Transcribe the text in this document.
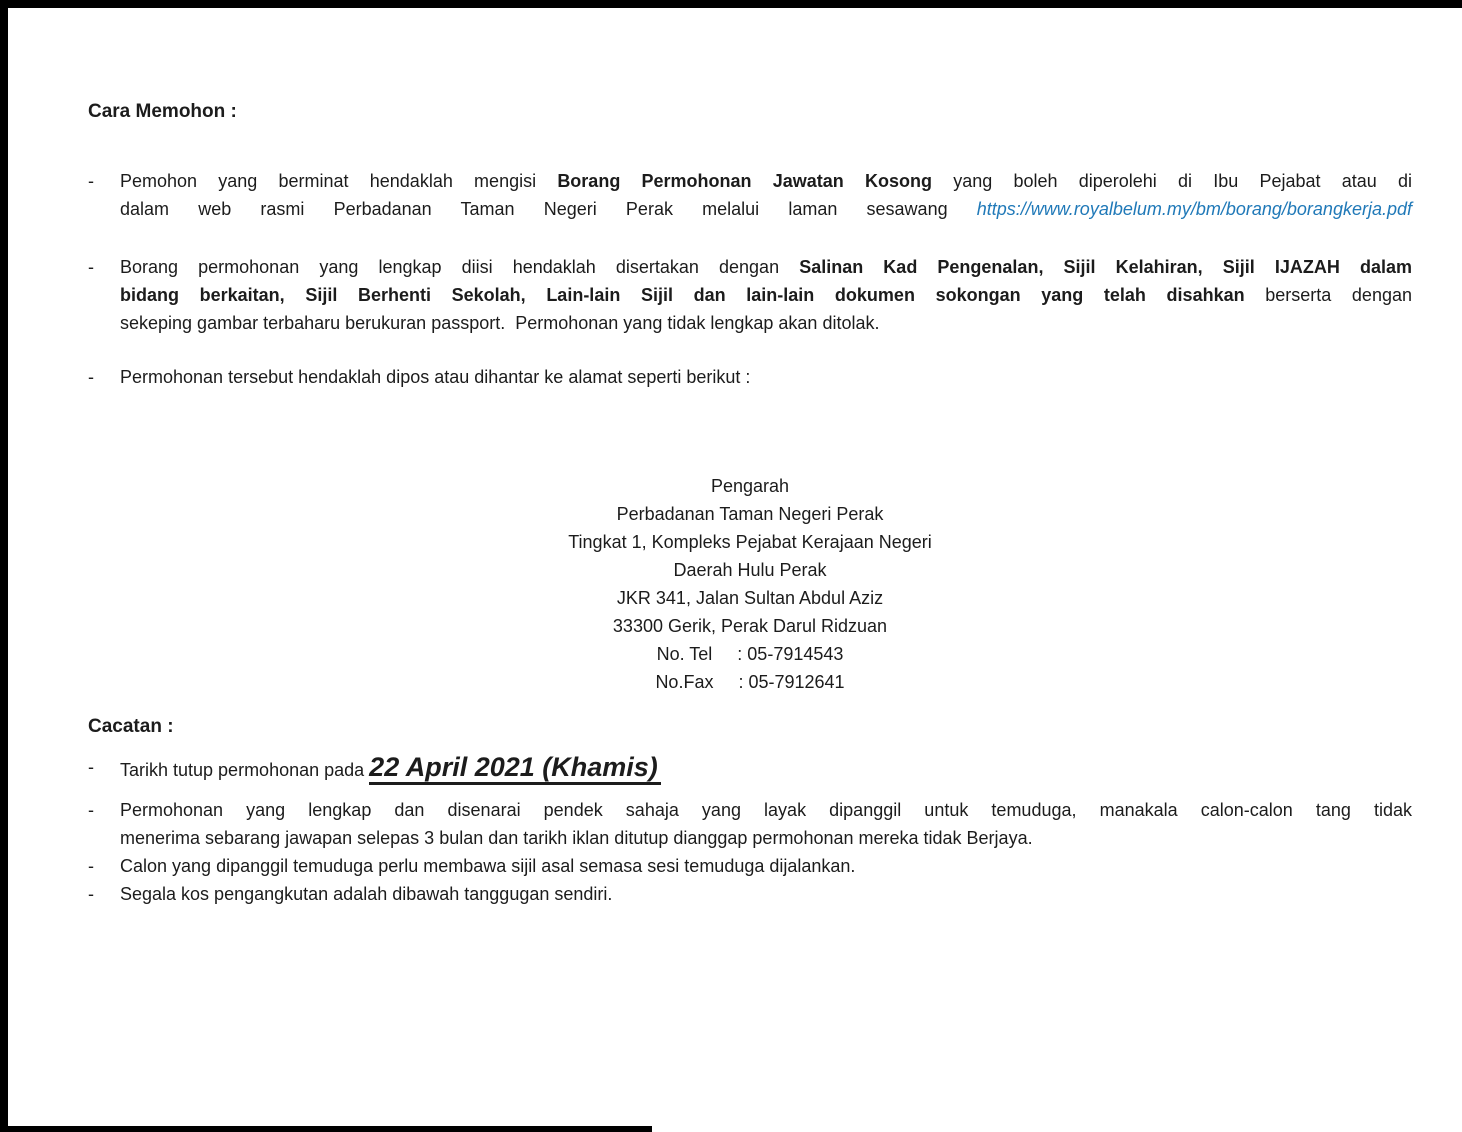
Cara Memohon :
-	Pemohon yang berminat hendaklah mengisi Borang Permohonan Jawatan Kosong yang boleh diperolehi di Ibu Pejabat atau di
dalam web rasmi Perbadanan Taman Negeri Perak melalui laman sesawang https://www.royalbelum.my/bm/borang/borangkerja.pdf
-	Borang permohonan yang lengkap diisi hendaklah disertakan dengan Salinan Kad Pengenalan, Sijil Kelahiran, Sijil IJAZAH dalam
bidang berkaitan, Sijil Berhenti Sekolah, Lain-lain Sijil dan lain-lain dokumen sokongan yang telah disahkan berserta dengan
sekeping gambar terbaharu berukuran passport.  Permohonan yang tidak lengkap akan ditolak.
-	Permohonan tersebut hendaklah dipos atau dihantar ke alamat seperti berikut :
Pengarah
Perbadanan Taman Negeri Perak
Tingkat 1, Kompleks Pejabat Kerajaan Negeri
Daerah Hulu Perak
JKR 341, Jalan Sultan Abdul Aziz
33300 Gerik, Perak Darul Ridzuan
No. Tel     : 05-7914543
No.Fax     : 05-7912641
Cacatan :
-	Tarikh tutup permohonan pada 22 April 2021 (Khamis)
-	Permohonan yang lengkap dan disenarai pendek sahaja yang layak dipanggil untuk temuduga, manakala calon-calon tang tidak
menerima sebarang jawapan selepas 3 bulan dan tarikh iklan ditutup dianggap permohonan mereka tidak Berjaya.
-	Calon yang dipanggil temuduga perlu membawa sijil asal semasa sesi temuduga dijalankan.
-	Segala kos pengangkutan adalah dibawah tanggugan sendiri.
